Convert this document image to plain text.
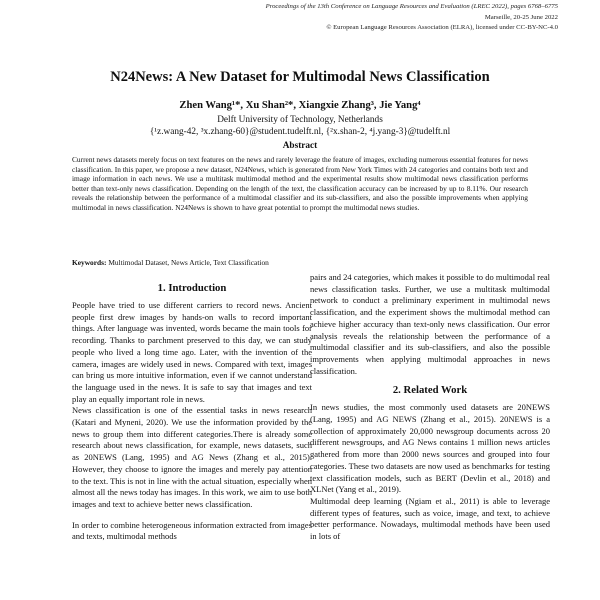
Proceedings of the 13th Conference on Language Resources and Evaluation (LREC 2022), pages 6768–6775
Marseille, 20-25 June 2022
© European Language Resources Association (ELRA), licensed under CC-BY-NC-4.0
N24News: A New Dataset for Multimodal News Classification
Zhen Wang¹*, Xu Shan²*, Xiangxie Zhang³, Jie Yang⁴
Delft University of Technology, Netherlands
{¹z.wang-42, ³x.zhang-60}@student.tudelft.nl, {²x.shan-2, ⁴j.yang-3}@tudelft.nl
Abstract

Current news datasets merely focus on text features on the news and rarely leverage the feature of images, excluding numerous essential features for news classification. In this paper, we propose a new dataset, N24News, which is generated from New York Times with 24 categories and contains both text and image information in each news. We use a multitask multimodal method and the experimental results show multimodal news classification performs better than text-only news classification. Depending on the length of the text, the classification accuracy can be increased by up to 8.11%. Our research reveals the relationship between the performance of a multimodal classifier and its sub-classifiers, and also the possible improvements when applying multimodal in news classification. N24News is shown to have great potential to prompt the multimodal news studies.

Keywords: Multimodal Dataset, News Article, Text Classification

1. Introduction

People have tried to use different carriers to record news. Ancient people first drew images by hands-on walls to record important things. After language was invented, words became the main tools for recording. Thanks to parchment preserved to this day, we can study people who lived a long time ago. Later, with the invention of the camera, images are widely used in news. Compared with text, images can bring us more intuitive information, even if we cannot understand the language used in the news. It is safe to say that images and text play an equally important role in news.

News classification is one of the essential tasks in news research (Katari and Myneni, 2020). We use the information provided by the news to group them into different categories.There is already some research about news classification, for example, news datasets, such as 20NEWS (Lang, 1995) and AG News (Zhang et al., 2015). However, they choose to ignore the images and merely pay attention to the text. This is not in line with the actual situation, especially when almost all the news today has images. In this work, we aim to use both images and text to achieve better news classification.

In order to combine heterogeneous information extracted from images and texts, multimodal methods

pairs and 24 categories, which makes it possible to do multimodal real news classification tasks. Further, we use a multitask multimodal network to conduct a preliminary experiment in multimodal news classification, and the experiment shows the multimodal method can achieve higher accuracy than text-only news classification. Our error analysis reveals the relationship between the performance of a multimodal classifier and its sub-classifiers, and also the possible improvements when applying multimodal approaches in news classification.

2. Related Work

In news studies, the most commonly used datasets are 20NEWS (Lang, 1995) and AG NEWS (Zhang et al., 2015). 20NEWS is a collection of approximately 20,000 newsgroup documents across 20 different newsgroups, and AG News contains 1 million news articles gathered from more than 2000 news sources and grouped into four categories. These two datasets are now used as benchmarks for testing text classification models, such as BERT (Devlin et al., 2018) and XLNet (Yang et al., 2019).

Multimodal deep learning (Ngiam et al., 2011) is able to leverage different types of features, such as voice, image, and text, to achieve better performance. Nowadays, multimodal methods have been used in lots of
